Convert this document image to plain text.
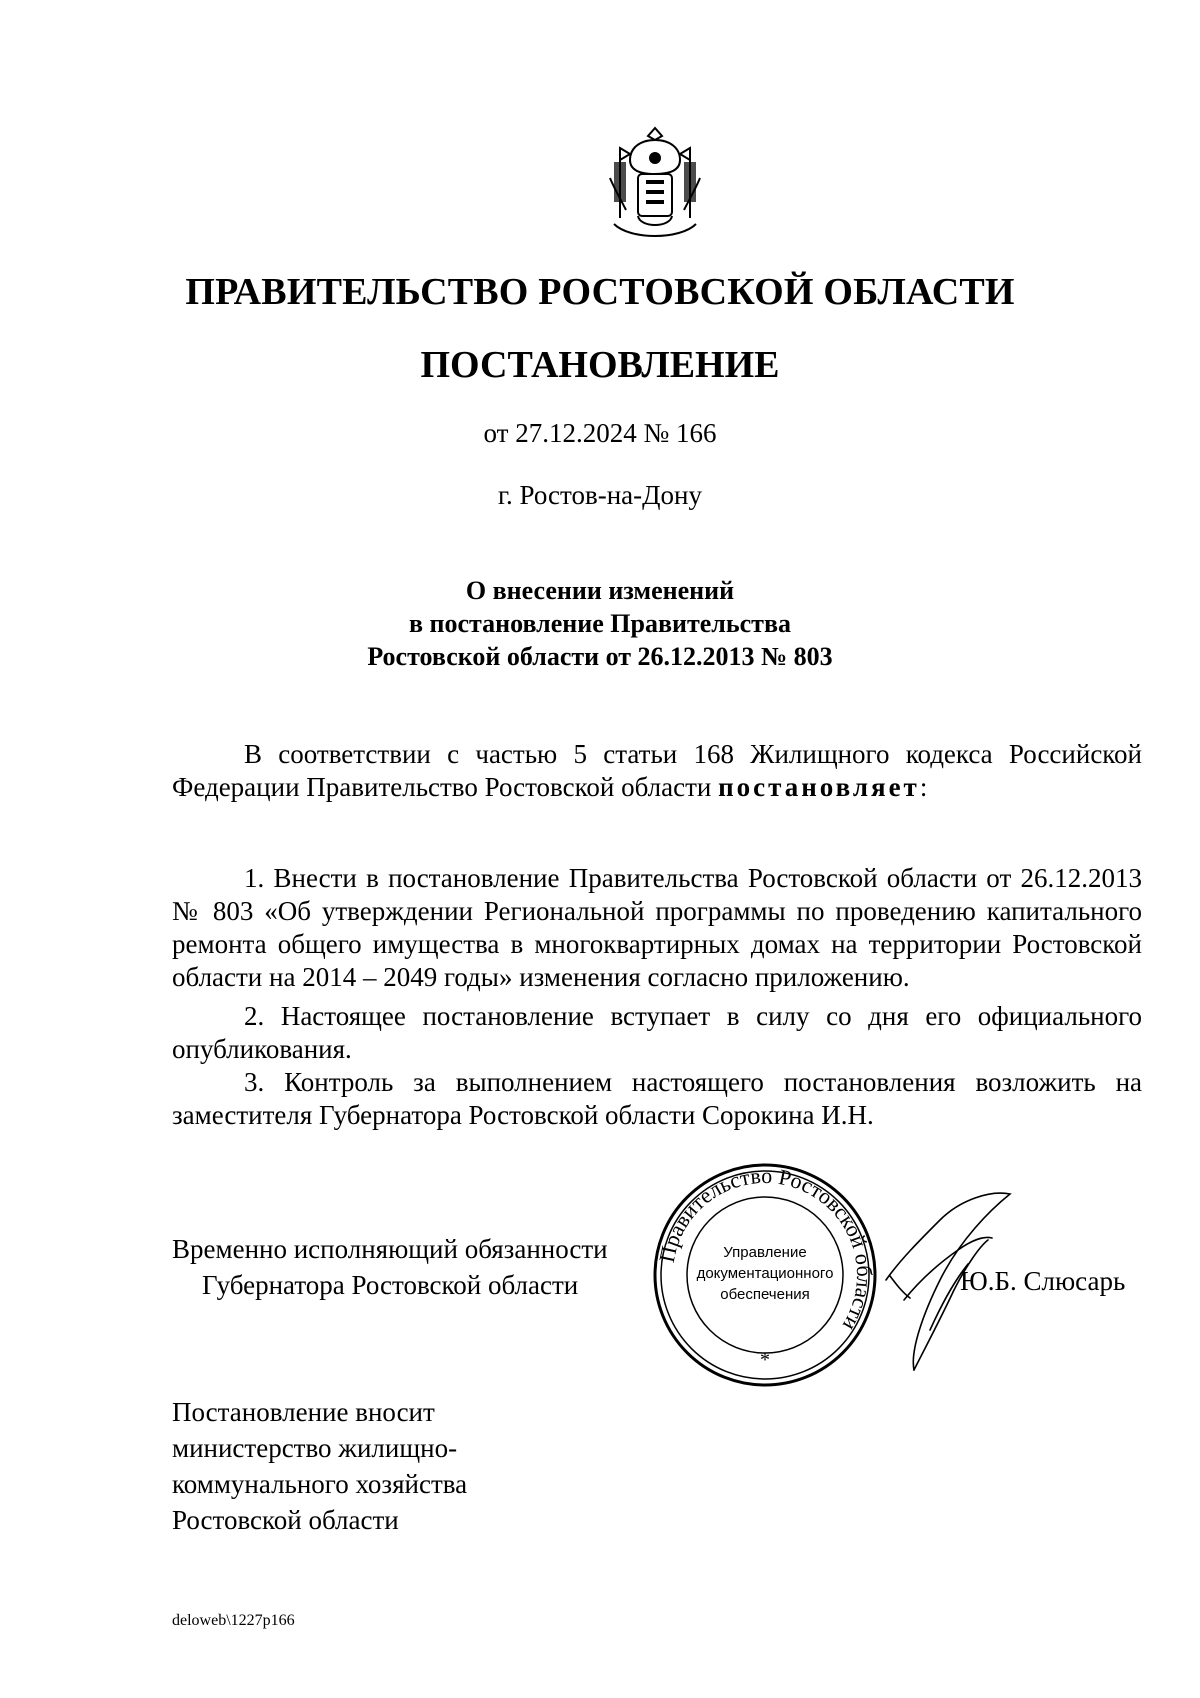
ПРАВИТЕЛЬСТВО РОСТОВСКОЙ ОБЛАСТИ
ПОСТАНОВЛЕНИЕ
от 27.12.2024 № 166
г. Ростов-на-Дону
О внесении изменений
в постановление Правительства
Ростовской области от 26.12.2013 № 803
В соответствии с частью 5 статьи 168 Жилищного кодекса Российской Федерации Правительство Ростовской области постановляет:
1. Внести в постановление Правительства Ростовской области от 26.12.2013 № 803 «Об утверждении Региональной программы по проведению капитального ремонта общего имущества в многоквартирных домах на территории Ростовской области на 2014 – 2049 годы» изменения согласно приложению.
2. Настоящее постановление вступает в силу со дня его официального опубликования.
3. Контроль за выполнением настоящего постановления возложить на заместителя Губернатора Ростовской области Сорокина И.Н.
Временно исполняющий обязанности
Губернатора Ростовской области
Правительство Ростовской области
Управление
документационного
обеспечения
*
Ю.Б. Слюсарь
Постановление вносит
министерство жилищно-
коммунального хозяйства
Ростовской области
deloweb\1227p166
